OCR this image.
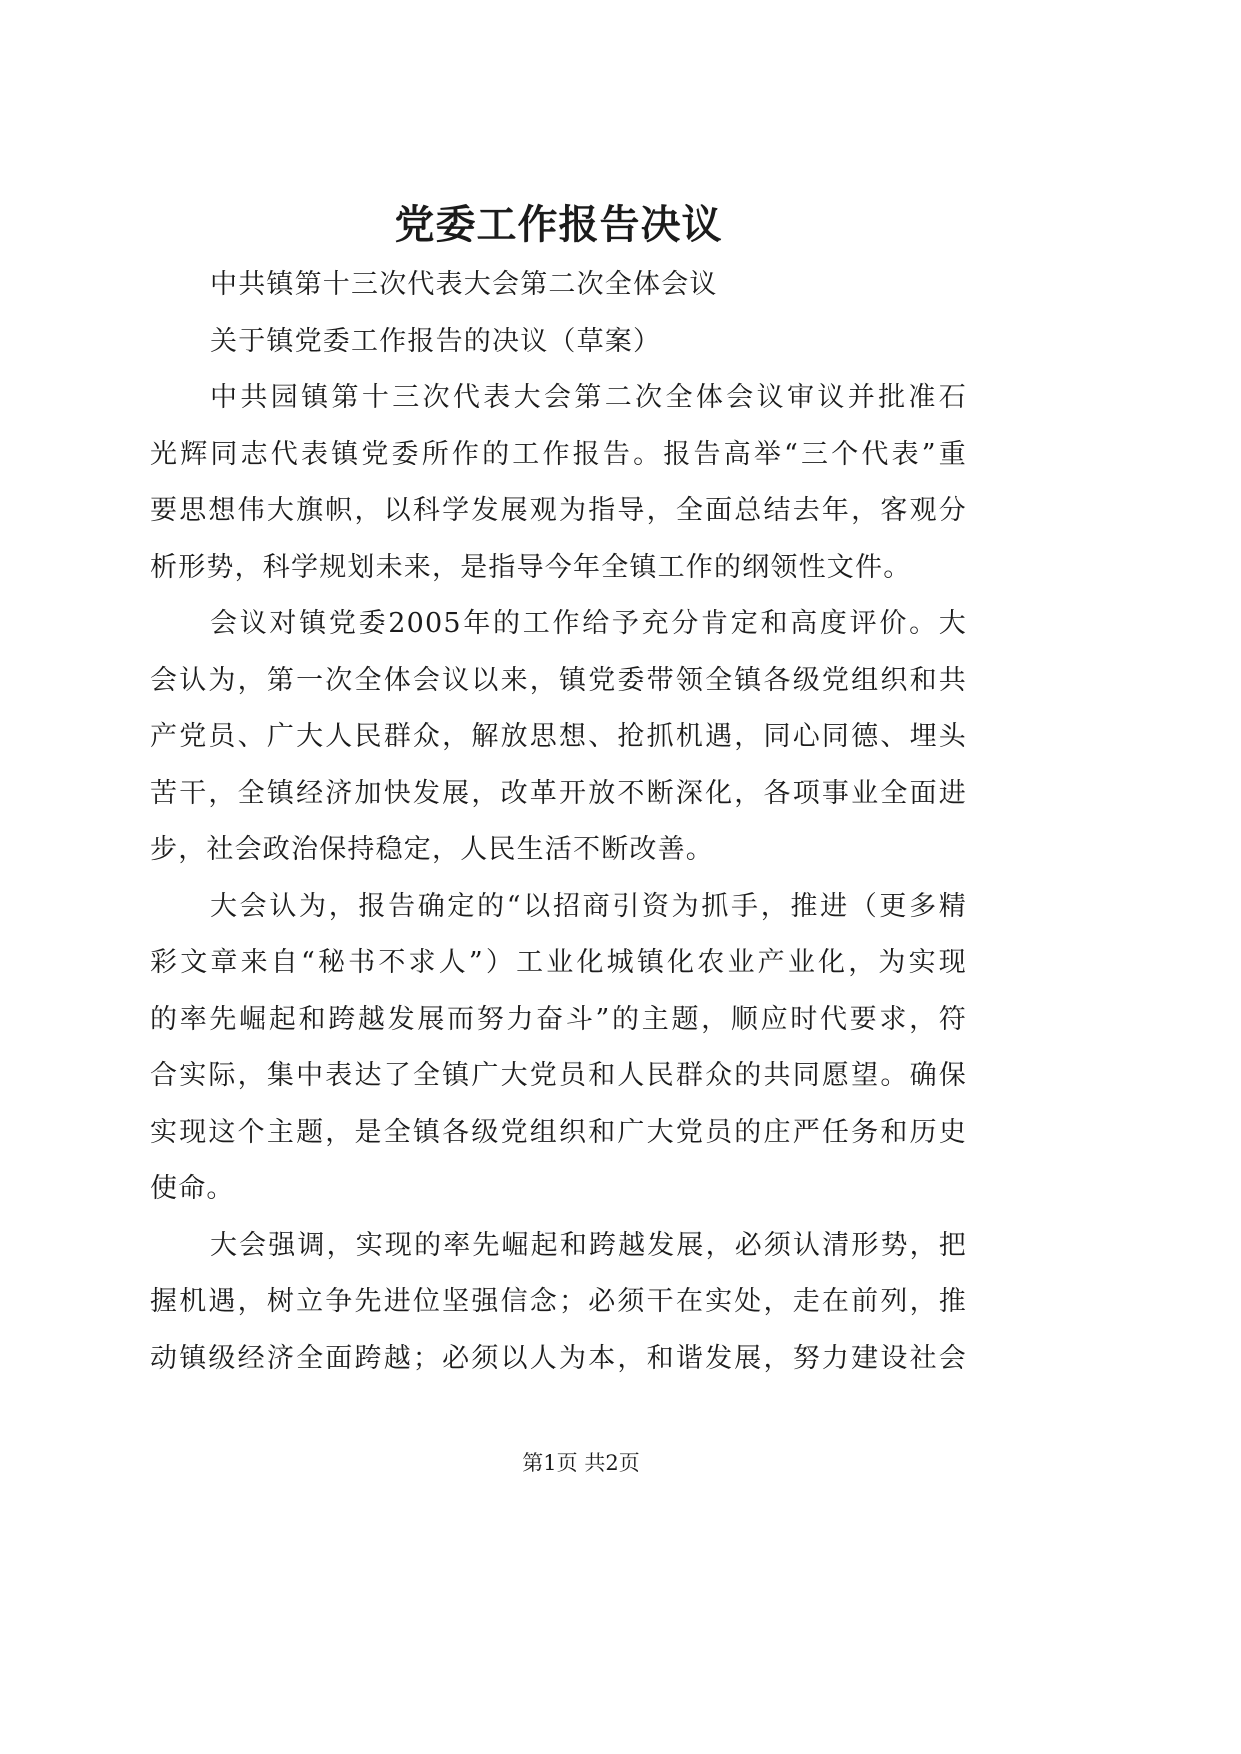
党委工作报告决议
中共镇第十三次代表大会第二次全体会议
关于镇党委工作报告的决议（草案）
中共园镇第十三次代表大会第二次全体会议审议并批准石
光辉同志代表镇党委所作的工作报告。报告高举“三个代表”重
要思想伟大旗帜，以科学发展观为指导，全面总结去年，客观分
析形势，科学规划未来，是指导今年全镇工作的纲领性文件。
会议对镇党委2005年的工作给予充分肯定和高度评价。大
会认为，第一次全体会议以来，镇党委带领全镇各级党组织和共
产党员、广大人民群众，解放思想、抢抓机遇，同心同德、埋头
苦干，全镇经济加快发展，改革开放不断深化，各项事业全面进
步，社会政治保持稳定，人民生活不断改善。
大会认为，报告确定的“以招商引资为抓手，推进（更多精
彩文章来自“秘书不求人”）工业化城镇化农业产业化，为实现
的率先崛起和跨越发展而努力奋斗”的主题，顺应时代要求，符
合实际，集中表达了全镇广大党员和人民群众的共同愿望。确保
实现这个主题，是全镇各级党组织和广大党员的庄严任务和历史
使命。
大会强调，实现的率先崛起和跨越发展，必须认清形势，把
握机遇，树立争先进位坚强信念；必须干在实处，走在前列，推
动镇级经济全面跨越；必须以人为本，和谐发展，努力建设社会
第1页 共2页
